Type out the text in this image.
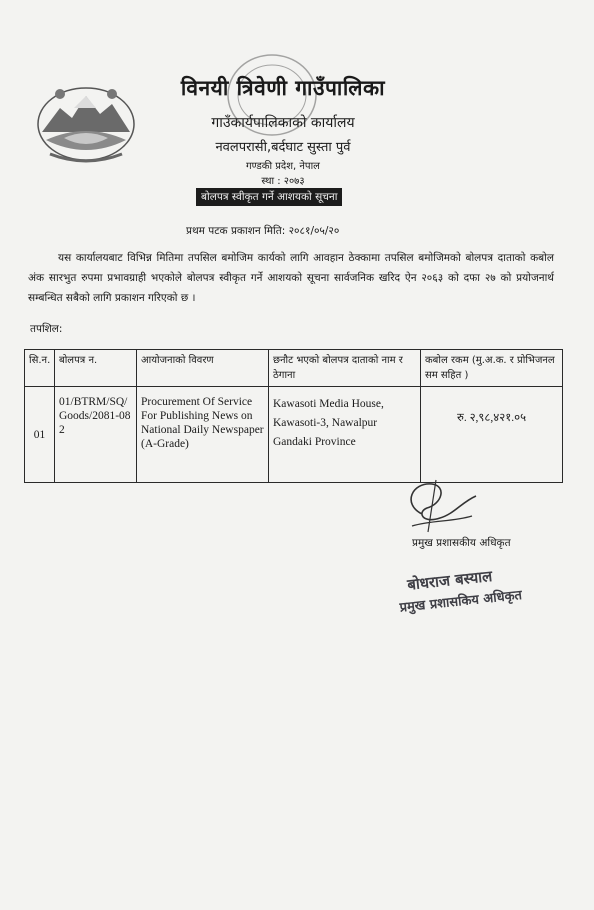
विनयी त्रिवेणी गाउँपालिका
गाउँकार्यपालिकाको कार्यालय
नवलपरासी,बर्दघाट सुस्ता पुर्व
गण्डकी प्रदेश, नेपाल
स्था : २०७३
बोलपत्र स्वीकृत गर्ने आशयको सूचना
प्रथम पटक प्रकाशन मिति: २०८१/०५/२०
यस कार्यालयबाट विभिन्न मितिमा तपसिल बमोजिम कार्यको लागि आवहान ठेक्कामा तपसिल बमोजिमको बोलपत्र दाताको कबोल अंक सारभुत रुपमा प्रभावग्राही भएकोले बोलपत्र स्वीकृत गर्ने आशयको सूचना सार्वजनिक खरिद ऐन २०६३ को दफा २७ को प्रयोजनार्थ सम्बन्धित सबैको लागि प्रकाशन गरिएको छ ।
तपशिल:
सि.न.	बोलपत्र न.	आयोजनाको विवरण	छनौट भएको बोलपत्र दाताको नाम र ठेगाना	कबोल रकम (मु.अ.क. र प्रोभिजनल सम सहित )
01	01/BTRM/SQ/Goods/2081-082	Procurement Of Service For Publishing News on National Daily Newspaper (A-Grade)	Kawasoti Media House, Kawasoti-3, Nawalpur Gandaki Province	रु. २,९८,४२१.०५
प्रमुख प्रशासकीय अधिकृत
बोधराज बस्याल
प्रमुख प्रशासकिय अधिकृत
